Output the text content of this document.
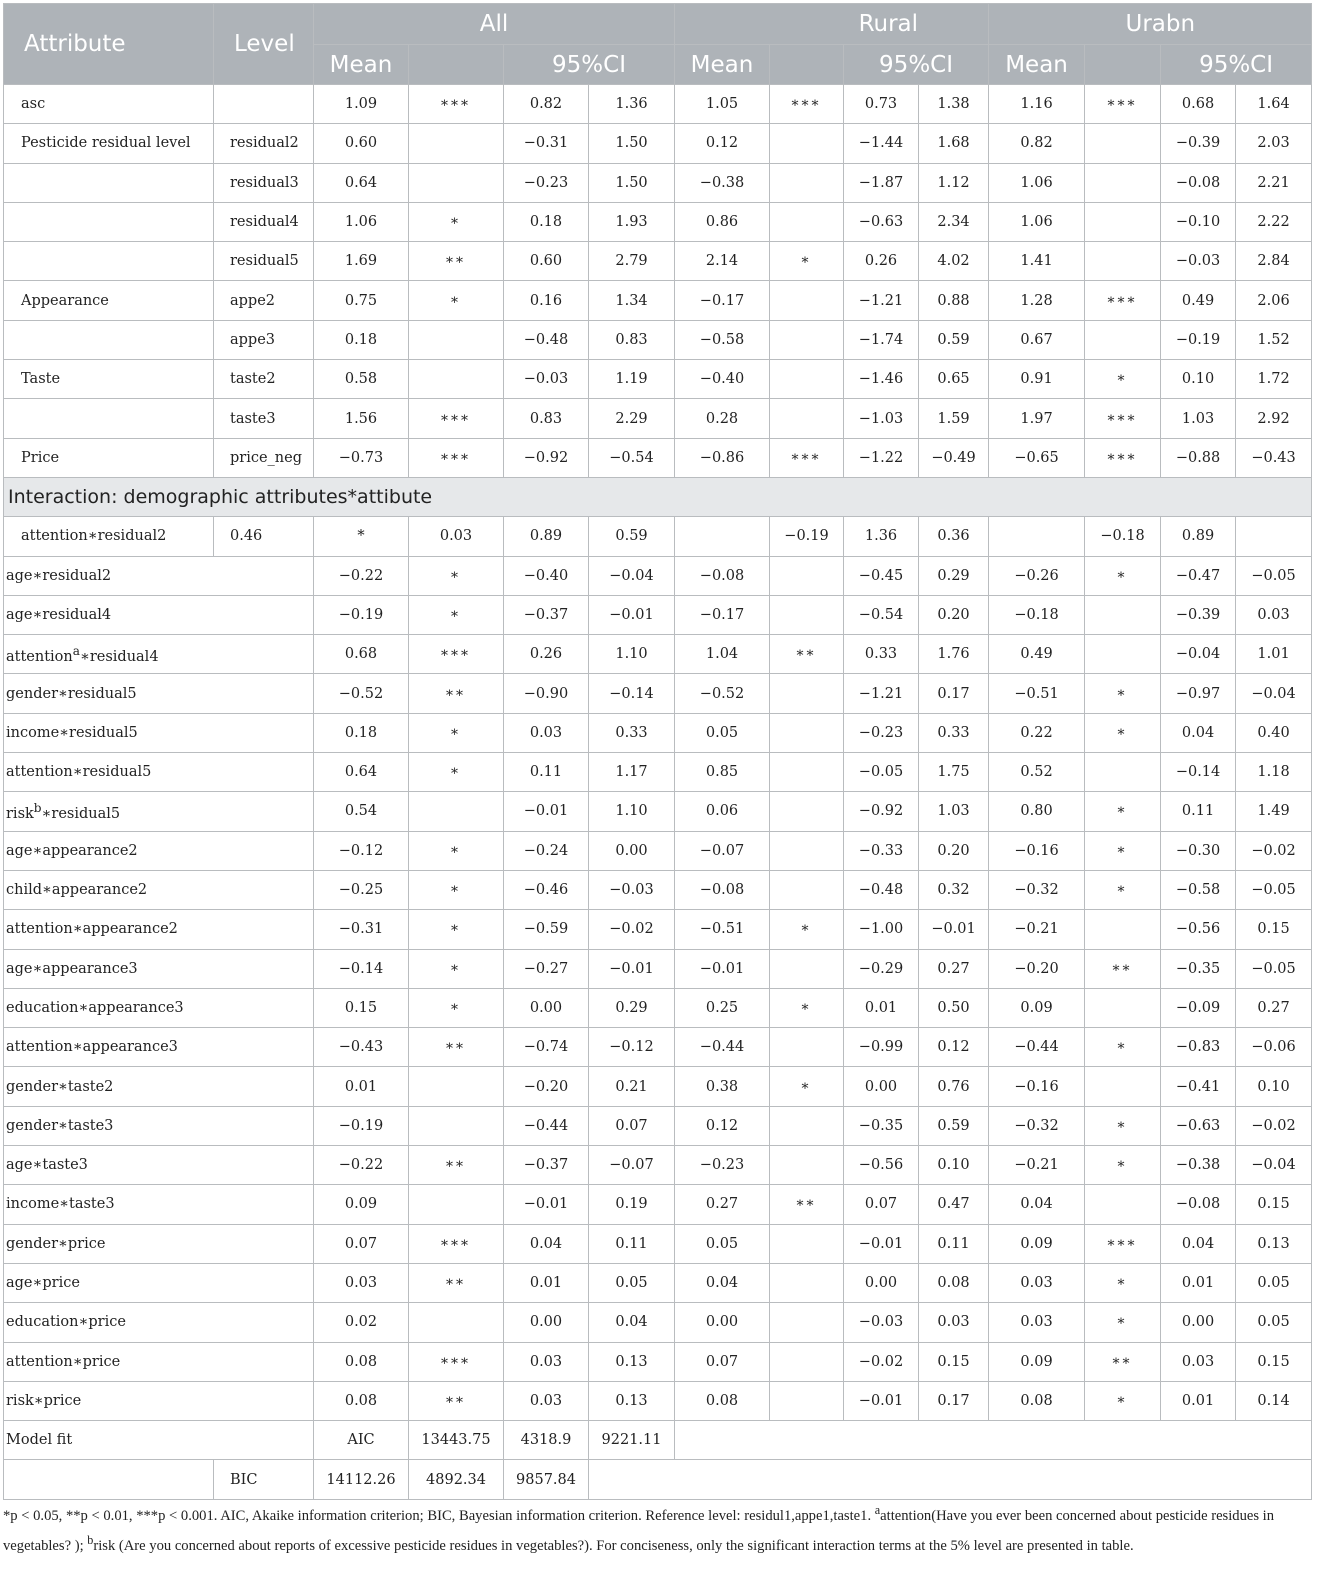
Attribute	Level	All				Rural				Urabn			
		Mean		95%CI		Mean		95%CI		Mean		95%CI	
asc		1.09	***	0.82	1.36	1.05	***	0.73	1.38	1.16	***	0.68	1.64
Pesticide residual level	residual2	0.60		−0.31	1.50	0.12		−1.44	1.68	0.82		−0.39	2.03
	residual3	0.64		−0.23	1.50	−0.38		−1.87	1.12	1.06		−0.08	2.21
	residual4	1.06	*	0.18	1.93	0.86		−0.63	2.34	1.06		−0.10	2.22
	residual5	1.69	**	0.60	2.79	2.14	*	0.26	4.02	1.41		−0.03	2.84
Appearance	appe2	0.75	*	0.16	1.34	−0.17		−1.21	0.88	1.28	***	0.49	2.06
	appe3	0.18		−0.48	0.83	−0.58		−1.74	0.59	0.67		−0.19	1.52
Taste	taste2	0.58		−0.03	1.19	−0.40		−1.46	0.65	0.91	*	0.10	1.72
	taste3	1.56	***	0.83	2.29	0.28		−1.03	1.59	1.97	***	1.03	2.92
Price	price_neg	−0.73	***	−0.92	−0.54	−0.86	***	−1.22	−0.49	−0.65	***	−0.88	−0.43
Interaction: demographic attributes*attibute													
attention∗residual2	0.46	*	0.03	0.89	0.59		−0.19	1.36	0.36		−0.18	0.89	
age∗residual2		−0.22	*	−0.40	−0.04	−0.08		−0.45	0.29	−0.26	*	−0.47	−0.05
age∗residual4		−0.19	*	−0.37	−0.01	−0.17		−0.54	0.20	−0.18		−0.39	0.03
attention$^a$∗residual4		0.68	***	0.26	1.10	1.04	**	0.33	1.76	0.49		−0.04	1.01
gender∗residual5		−0.52	**	−0.90	−0.14	−0.52		−1.21	0.17	−0.51	*	−0.97	−0.04
income∗residual5		0.18	*	0.03	0.33	0.05		−0.23	0.33	0.22	*	0.04	0.40
attention∗residual5		0.64	*	0.11	1.17	0.85		−0.05	1.75	0.52		−0.14	1.18
risk$^b$∗residual5		0.54		−0.01	1.10	0.06		−0.92	1.03	0.80	*	0.11	1.49
age∗appearance2		−0.12	*	−0.24	0.00	−0.07		−0.33	0.20	−0.16	*	−0.30	−0.02
child∗appearance2		−0.25	*	−0.46	−0.03	−0.08		−0.48	0.32	−0.32	*	−0.58	−0.05
attention∗appearance2		−0.31	*	−0.59	−0.02	−0.51	*	−1.00	−0.01	−0.21		−0.56	0.15
age∗appearance3		−0.14	*	−0.27	−0.01	−0.01		−0.29	0.27	−0.20	**	−0.35	−0.05
education∗appearance3		0.15	*	0.00	0.29	0.25	*	0.01	0.50	0.09		−0.09	0.27
attention∗appearance3		−0.43	**	−0.74	−0.12	−0.44		−0.99	0.12	−0.44	*	−0.83	−0.06
gender∗taste2		0.01		−0.20	0.21	0.38	*	0.00	0.76	−0.16		−0.41	0.10
gender∗taste3		−0.19		−0.44	0.07	0.12		−0.35	0.59	−0.32	*	−0.63	−0.02
age∗taste3		−0.22	**	−0.37	−0.07	−0.23		−0.56	0.10	−0.21	*	−0.38	−0.04
income∗taste3		0.09		−0.01	0.19	0.27	**	0.07	0.47	0.04		−0.08	0.15
gender∗price		0.07	***	0.04	0.11	0.05		−0.01	0.11	0.09	***	0.04	0.13
age∗price		0.03	**	0.01	0.05	0.04		0.00	0.08	0.03	*	0.01	0.05
education∗price		0.02		0.00	0.04	0.00		−0.03	0.03	0.03	*	0.00	0.05
attention∗price		0.08	***	0.03	0.13	0.07		−0.02	0.15	0.09	**	0.03	0.15
risk∗price		0.08	**	0.03	0.13	0.08		−0.01	0.17	0.08	*	0.01	0.14
Model fit		AIC	13443.75	4318.9	9221.11								
	BIC	14112.26	4892.34	9857.84									
*p < 0.05, **p < 0.01, ***p < 0.001. AIC, Akaike information criterion; BIC, Bayesian information criterion. Reference level: residul1,appe1,taste1. $^a$attention(Have you ever been concerned about pesticide residues in vegetables? ); $^b$risk (Are you concerned about reports of excessive pesticide residues in vegetables?). For conciseness, only the significant interaction terms at the 5% level are presented in table.
